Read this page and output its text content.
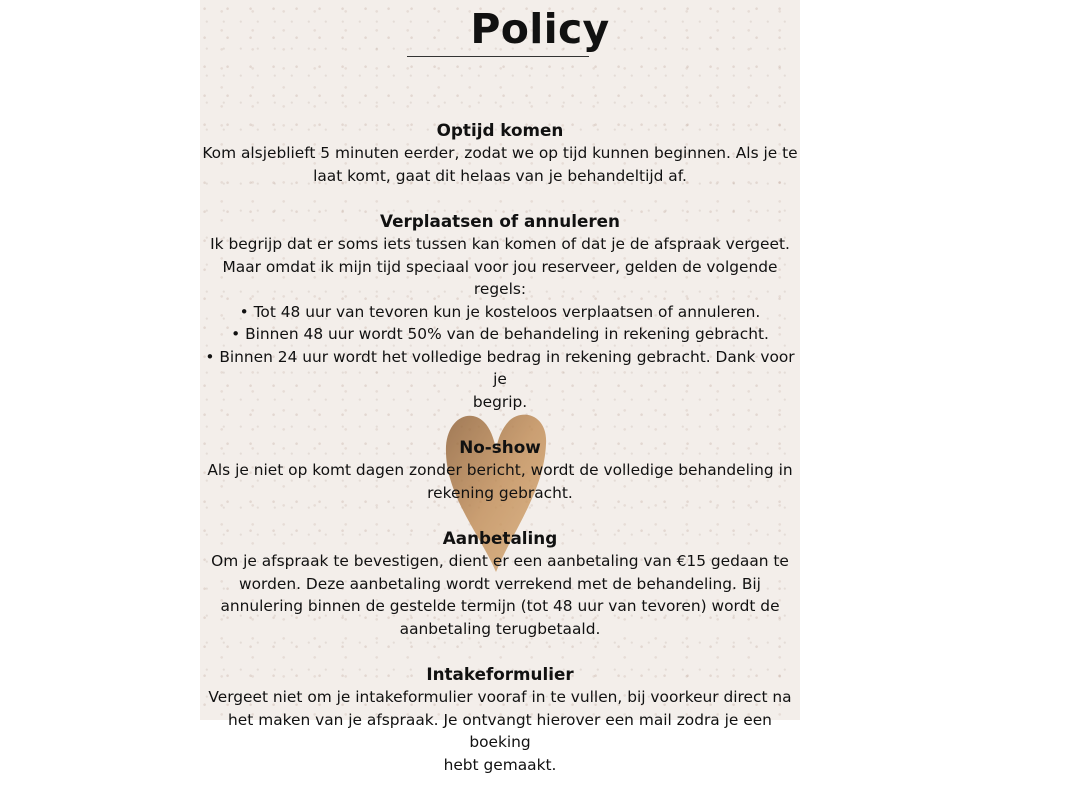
Policy
Optijd komen

Kom alsjeblieft 5 minuten eerder, zodat we op tijd kunnen beginnen. Als je te
laat komt, gaat dit helaas van je behandeltijd af.

Verplaatsen of annuleren

Ik begrijp dat er soms iets tussen kan komen of dat je de afspraak vergeet.
Maar omdat ik mijn tijd speciaal voor jou reserveer, gelden de volgende regels:
• Tot 48 uur van tevoren kun je kosteloos verplaatsen of annuleren.
• Binnen 48 uur wordt 50% van de behandeling in rekening gebracht.
• Binnen 24 uur wordt het volledige bedrag in rekening gebracht. Dank voor je
begrip.

No-show

Als je niet op komt dagen zonder bericht, wordt de volledige behandeling in
rekening gebracht.

Aanbetaling

Om je afspraak te bevestigen, dient er een aanbetaling van €15 gedaan te
worden. Deze aanbetaling wordt verrekend met de behandeling. Bij
annulering binnen de gestelde termijn (tot 48 uur van tevoren) wordt de
aanbetaling terugbetaald.

Intakeformulier

Vergeet niet om je intakeformulier vooraf in te vullen, bij voorkeur direct na
het maken van je afspraak. Je ontvangt hierover een mail zodra je een boeking
hebt gemaakt.
